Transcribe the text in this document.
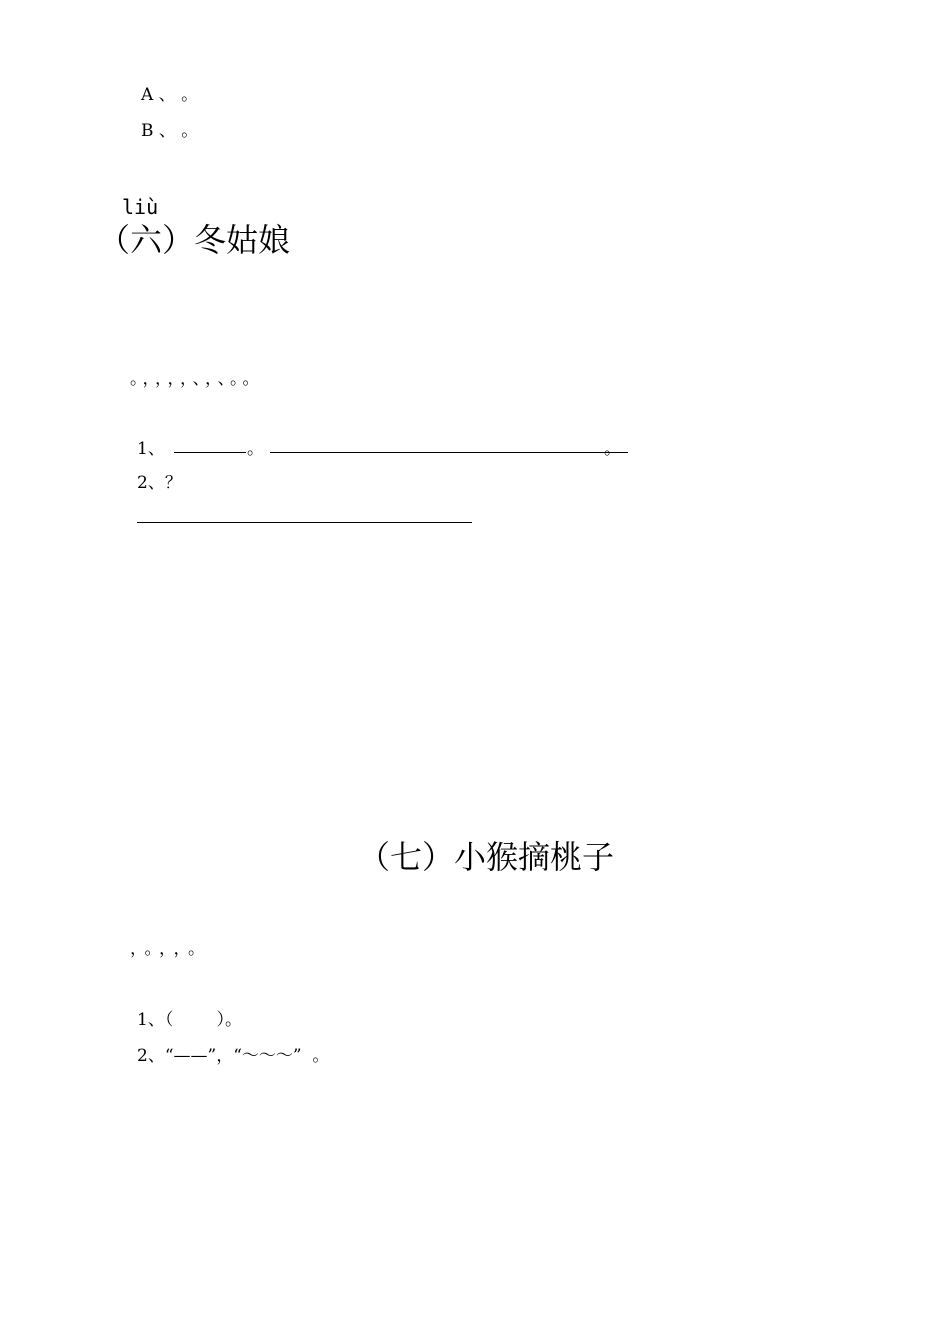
A 、 。
B 、 。
liù
（六）冬姑娘
。，，，，、，、。。
1、	。	。
2、？
（七）小猴摘桃子
，。，，。
1、（        ）。
2、“——”，“～～～”  。
